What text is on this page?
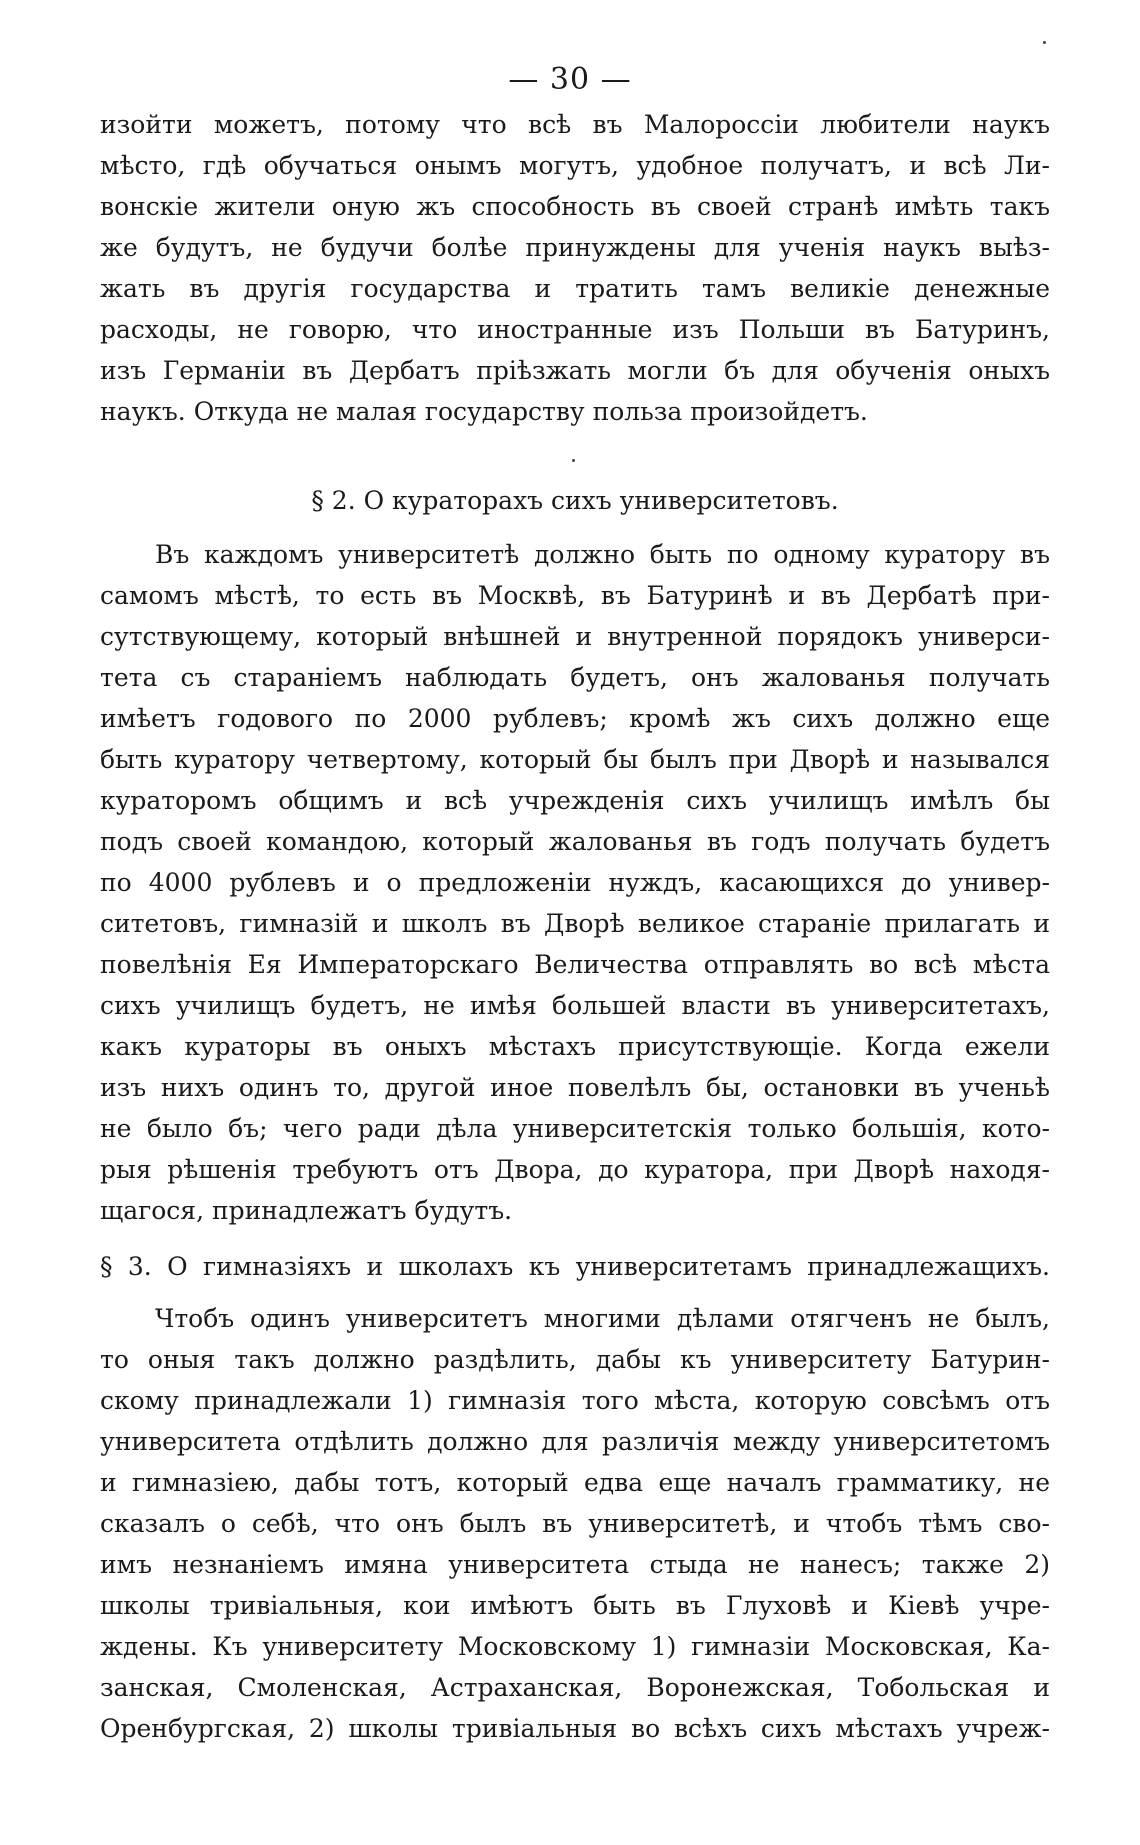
— 30 —
изойти можетъ, потому что всѣ въ Малороссіи любители наукъ
мѣсто, гдѣ обучаться онымъ могутъ, удобное получатъ, и всѣ Ли-
вонскіе жители оную жъ способность въ своей странѣ имѣть такъ
же будутъ, не будучи болѣе принуждены для ученія наукъ выѣз-
жать въ другія государства и тратить тамъ великіе денежные
расходы, не говорю, что иностранные изъ Польши въ Батуринъ,
изъ Германіи въ Дербатъ пріѣзжать могли бъ для обученія оныхъ
наукъ. Откуда не малая государству польза произойдетъ.
§ 2. О кураторахъ сихъ университетовъ.
Въ каждомъ университетѣ должно быть по одному куратору въ
самомъ мѣстѣ, то есть въ Москвѣ, въ Батуринѣ и въ Дербатѣ при-
сутствующему, который внѣшней и внутренной порядокъ универси-
тета съ стараніемъ наблюдать будетъ, онъ жалованья получать
имѣетъ годового по 2000 рублевъ; кромѣ жъ сихъ должно еще
быть куратору четвертому, который бы былъ при Дворѣ и назывался
кураторомъ общимъ и всѣ учрежденія сихъ училищъ имѣлъ бы
подъ своей командою, который жалованья въ годъ получать будетъ
по 4000 рублевъ и о предложеніи нуждъ, касающихся до универ-
ситетовъ, гимназій и школъ въ Дворѣ великое стараніе прилагать и
повелѣнія Ея Императорскаго Величества отправлять во всѣ мѣста
сихъ училищъ будетъ, не имѣя большей власти въ университетахъ,
какъ кураторы въ оныхъ мѣстахъ присутствующіе. Когда ежели
изъ нихъ одинъ то, другой иное повелѣлъ бы, остановки въ ученьѣ
не было бъ; чего ради дѣла университетскія только большія, кото-
рыя рѣшенія требуютъ отъ Двора, до куратора, при Дворѣ находя-
щагося, принадлежатъ будутъ.
§ 3. О гимназіяхъ и школахъ къ университетамъ принадлежащихъ.
Чтобъ одинъ университетъ многими дѣлами отягченъ не былъ,
то оныя такъ должно раздѣлить, дабы къ университету Батурин-
скому принадлежали 1) гимназія того мѣста, которую совсѣмъ отъ
университета отдѣлить должно для различія между университетомъ
и гимназіею, дабы тотъ, который едва еще началъ грамматику, не
сказалъ о себѣ, что онъ былъ въ университетѣ, и чтобъ тѣмъ сво-
имъ незнаніемъ имяна университета стыда не нанесъ; также 2)
школы тривіальныя, кои имѣютъ быть въ Глуховѣ и Кіевѣ учре-
ждены. Къ университету Московскому 1) гимназіи Московская, Ка-
занская, Смоленская, Астраханская, Воронежская, Тобольская и
Оренбургская, 2) школы тривіальныя во всѣхъ сихъ мѣстахъ учреж-
